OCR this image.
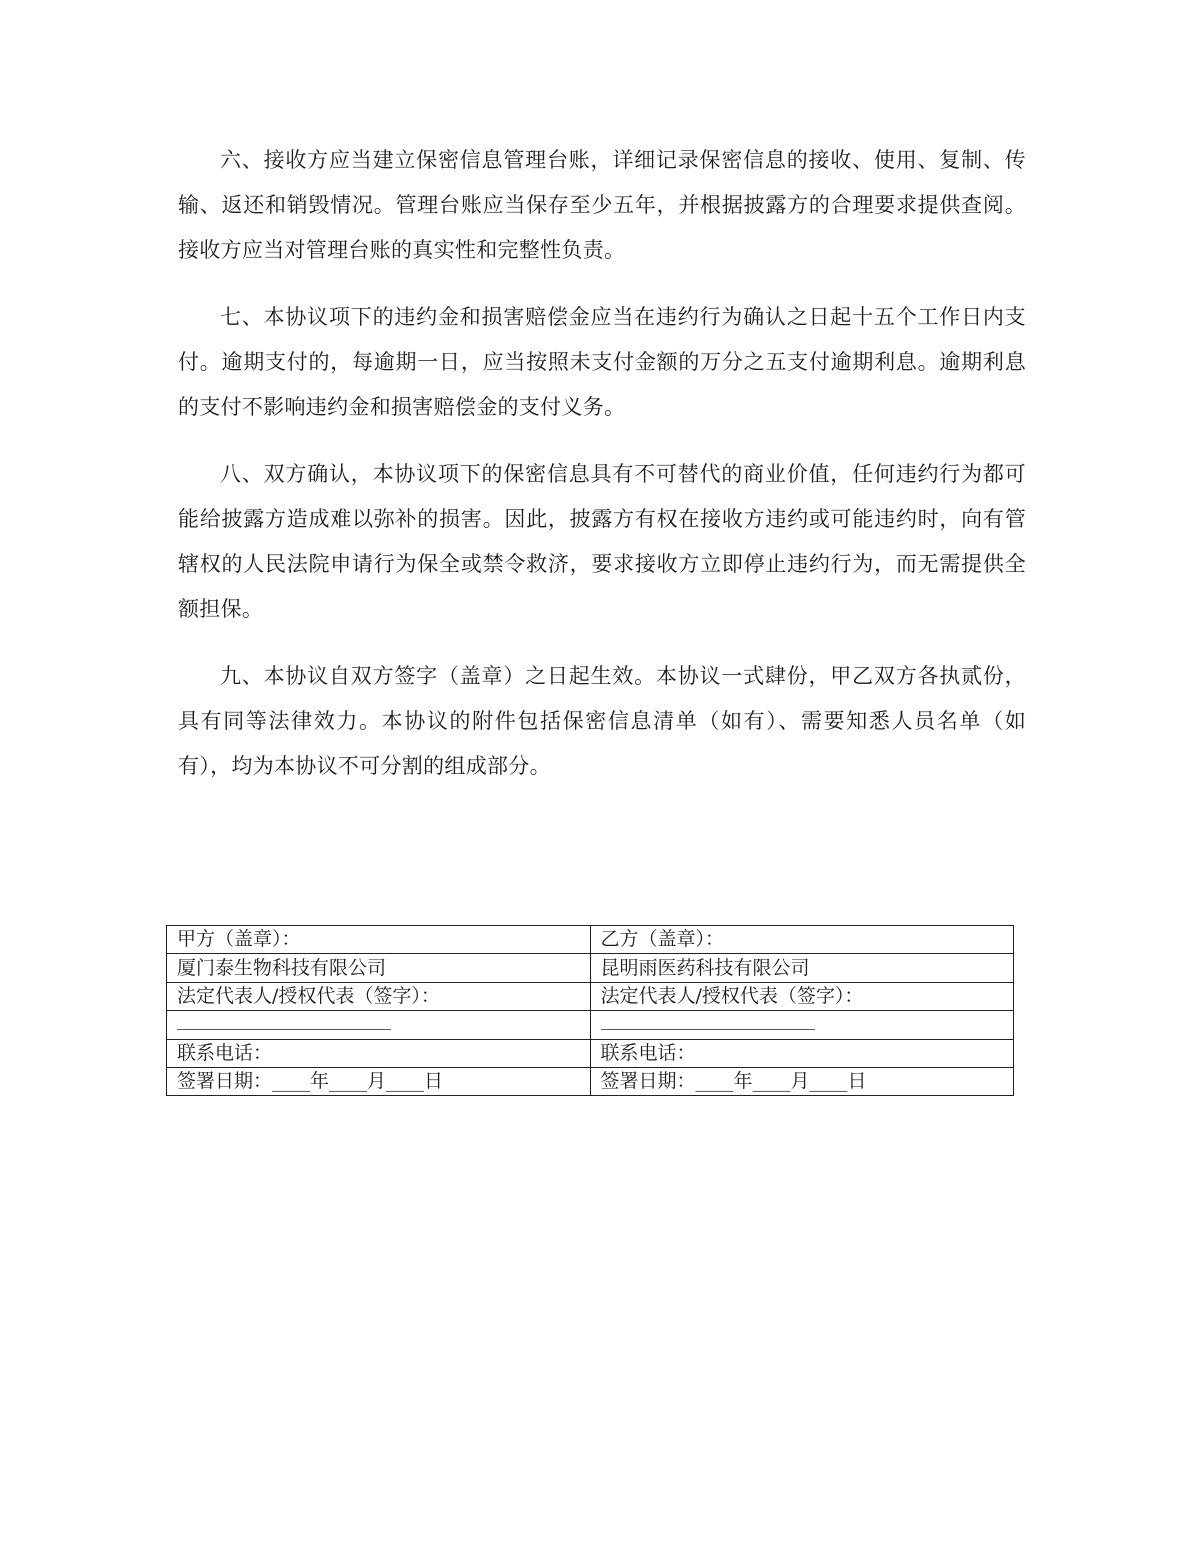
六、接收方应当建立保密信息管理台账，详细记录保密信息的接收、使用、复制、传输、返还和销毁情况。管理台账应当保存至少五年，并根据披露方的合理要求提供查阅。接收方应当对管理台账的真实性和完整性负责。

七、本协议项下的违约金和损害赔偿金应当在违约行为确认之日起十五个工作日内支付。逾期支付的，每逾期一日，应当按照未支付金额的万分之五支付逾期利息。逾期利息的支付不影响违约金和损害赔偿金的支付义务。

八、双方确认，本协议项下的保密信息具有不可替代的商业价值，任何违约行为都可能给披露方造成难以弥补的损害。因此，披露方有权在接收方违约或可能违约时，向有管辖权的人民法院申请行为保全或禁令救济，要求接收方立即停止违约行为，而无需提供全额担保。

九、本协议自双方签字（盖章）之日起生效。本协议一式肆份，甲乙双方各执贰份，具有同等法律效力。本协议的附件包括保密信息清单（如有）、需要知悉人员名单（如有），均为本协议不可分割的组成部分。

甲方（盖章）：	乙方（盖章）：
厦门泰生物科技有限公司	昆明雨医药科技有限公司
法定代表人/授权代表（签字）：	法定代表人/授权代表（签字）：

联系电话：	联系电话：
签署日期：____年____月____日	签署日期：____年____月____日
